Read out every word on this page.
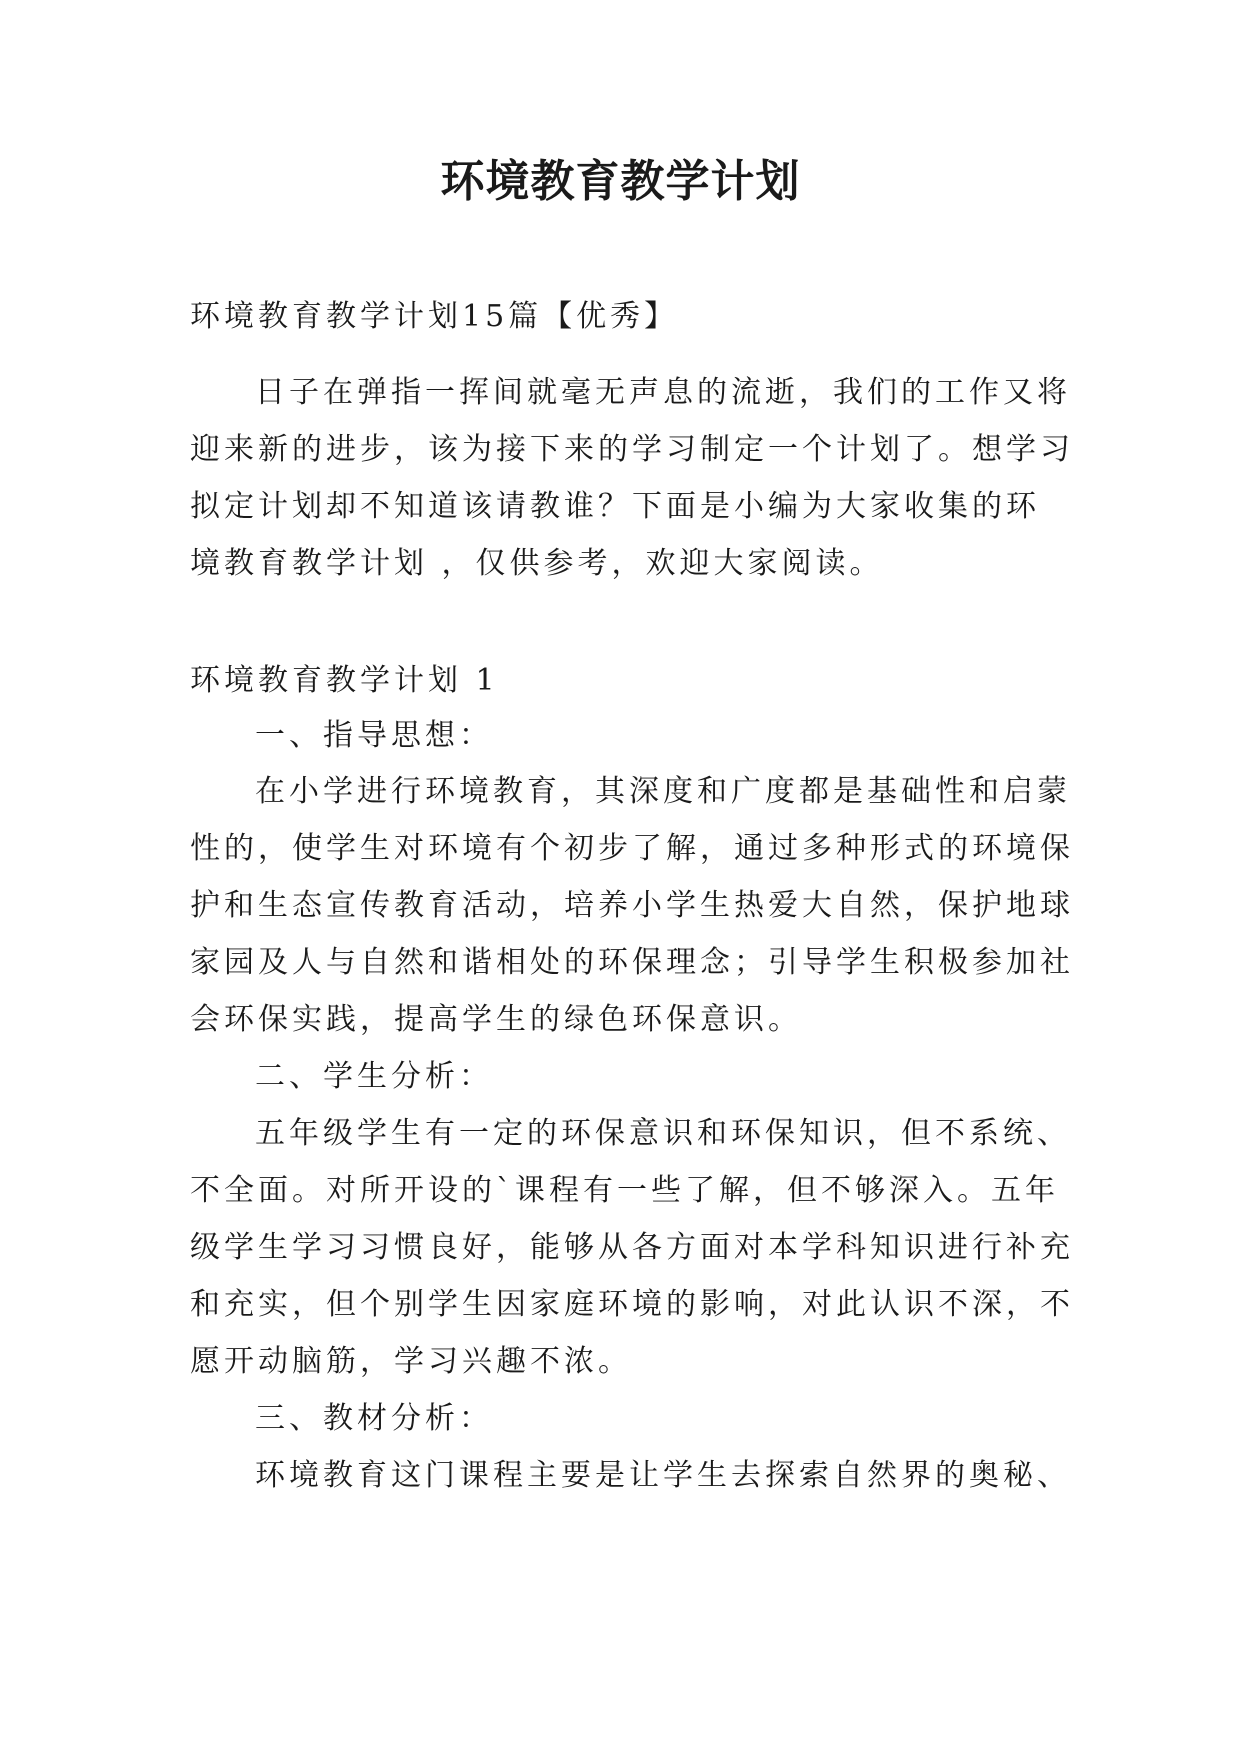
环境教育教学计划
环境教育教学计划15篇【优秀】
日子在弹指一挥间就毫无声息的流逝，我们的工作又将
迎来新的进步，该为接下来的学习制定一个计划了。想学习
拟定计划却不知道该请教谁？下面是小编为大家收集的环
境教育教学计划 ，仅供参考，欢迎大家阅读。
环境教育教学计划 1
一、指导思想：
在小学进行环境教育，其深度和广度都是基础性和启蒙
性的，使学生对环境有个初步了解，通过多种形式的环境保
护和生态宣传教育活动，培养小学生热爱大自然，保护地球
家园及人与自然和谐相处的环保理念；引导学生积极参加社
会环保实践，提高学生的绿色环保意识。
二、学生分析：
五年级学生有一定的环保意识和环保知识，但不系统、
不全面。对所开设的`课程有一些了解，但不够深入。五年
级学生学习习惯良好，能够从各方面对本学科知识进行补充
和充实，但个别学生因家庭环境的影响，对此认识不深，不
愿开动脑筋，学习兴趣不浓。
三、教材分析：
环境教育这门课程主要是让学生去探索自然界的奥秘、
